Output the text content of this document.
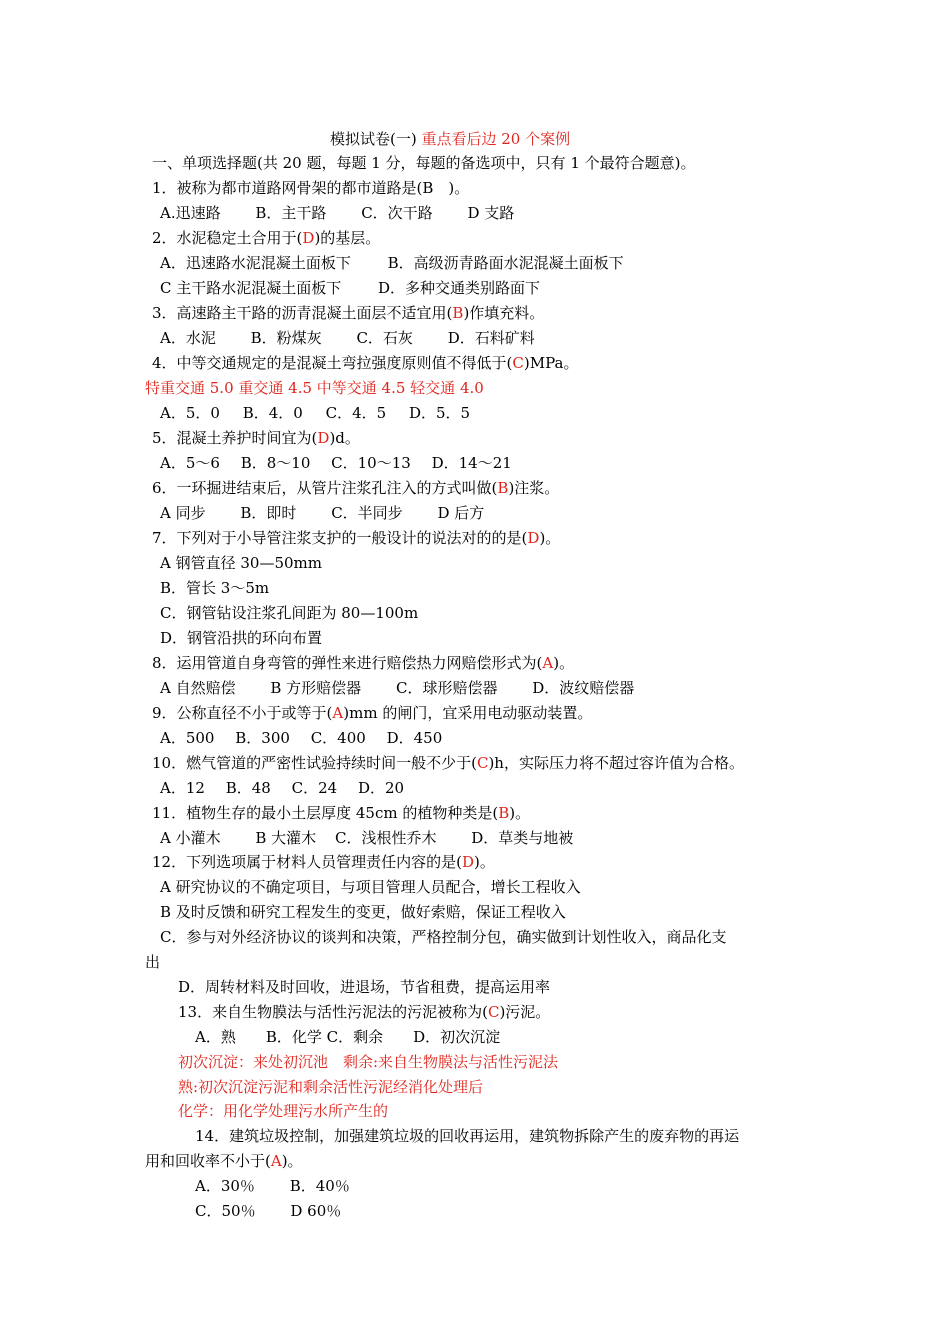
模拟试卷(一) 重点看后边 20 个案例
一、单项选择题(共 20 题，每题 1 分，每题的备选项中，只有 1 个最符合题意)。
1．被称为都市道路网骨架的都市道路是(B　)。
A.迅速路 B．主干路 C．次干路 D 支路
2．水泥稳定土合用于(D)的基层。
A．迅速路水泥混凝土面板下 B．高级沥青路面水泥混凝土面板下
C 主干路水泥混凝土面板下 D．多种交通类别路面下
3．高速路主干路的沥青混凝土面层不适宜用(B)作填充料。
A．水泥 B．粉煤灰 C．石灰 D．石料矿料
4．中等交通规定的是混凝土弯拉强度原则值不得低于(C)MPa。
特重交通 5.0 重交通 4.5 中等交通 4.5 轻交通 4.0
A．5．0 B．4．0 C．4．5 D．5．5
5．混凝土养护时间宜为(D)d。
A．5～6 B．8～10 C．10～13 D．14～21
6．一环掘进结束后，从管片注浆孔注入的方式叫做(B)注浆。
A 同步 B．即时 C．半同步 D 后方
7．下列对于小导管注浆支护的一般设计的说法对的的是(D)。
A 钢管直径 30—50mm
B．管长 3～5m
C．钢管钻设注浆孔间距为 80—100m
D．钢管沿拱的环向布置
8．运用管道自身弯管的弹性来进行赔偿热力网赔偿形式为(A)。
A 自然赔偿 B 方形赔偿器 C．球形赔偿器 D．波纹赔偿器
9．公称直径不小于或等于(A)mm 的闸门，宜采用电动驱动装置。
A．500 B．300 C．400 D．450
10．燃气管道的严密性试验持续时间一般不少于(C)h，实际压力将不超过容许值为合格。
A．12 B．48 C．24 D．20
11．植物生存的最小土层厚度 45cm 的植物种类是(B)。
A 小灌木 B 大灌木 C．浅根性乔木 D．草类与地被
12．下列选项属于材料人员管理责任内容的是(D)。
A 研究协议的不确定项目，与项目管理人员配合，增长工程收入
B 及时反馈和研究工程发生的变更，做好索赔，保证工程收入
C．参与对外经济协议的谈判和决策，严格控制分包，确实做到计划性收入，商品化支
出
D．周转材料及时回收，进退场，节省租费，提高运用率
13．来自生物膜法与活性污泥法的污泥被称为(C)污泥。
A．熟　　B．化学 C．剩余　　D．初次沉淀
初次沉淀：来处初沉池　剩余:来自生物膜法与活性污泥法
熟:初次沉淀污泥和剩余活性污泥经消化处理后
化学：用化学处理污水所产生的
14．建筑垃圾控制，加强建筑垃圾的回收再运用，建筑物拆除产生的废弃物的再运
用和回收率不小于(A)。
A．30％ B．40％
C．50％ D 60％
